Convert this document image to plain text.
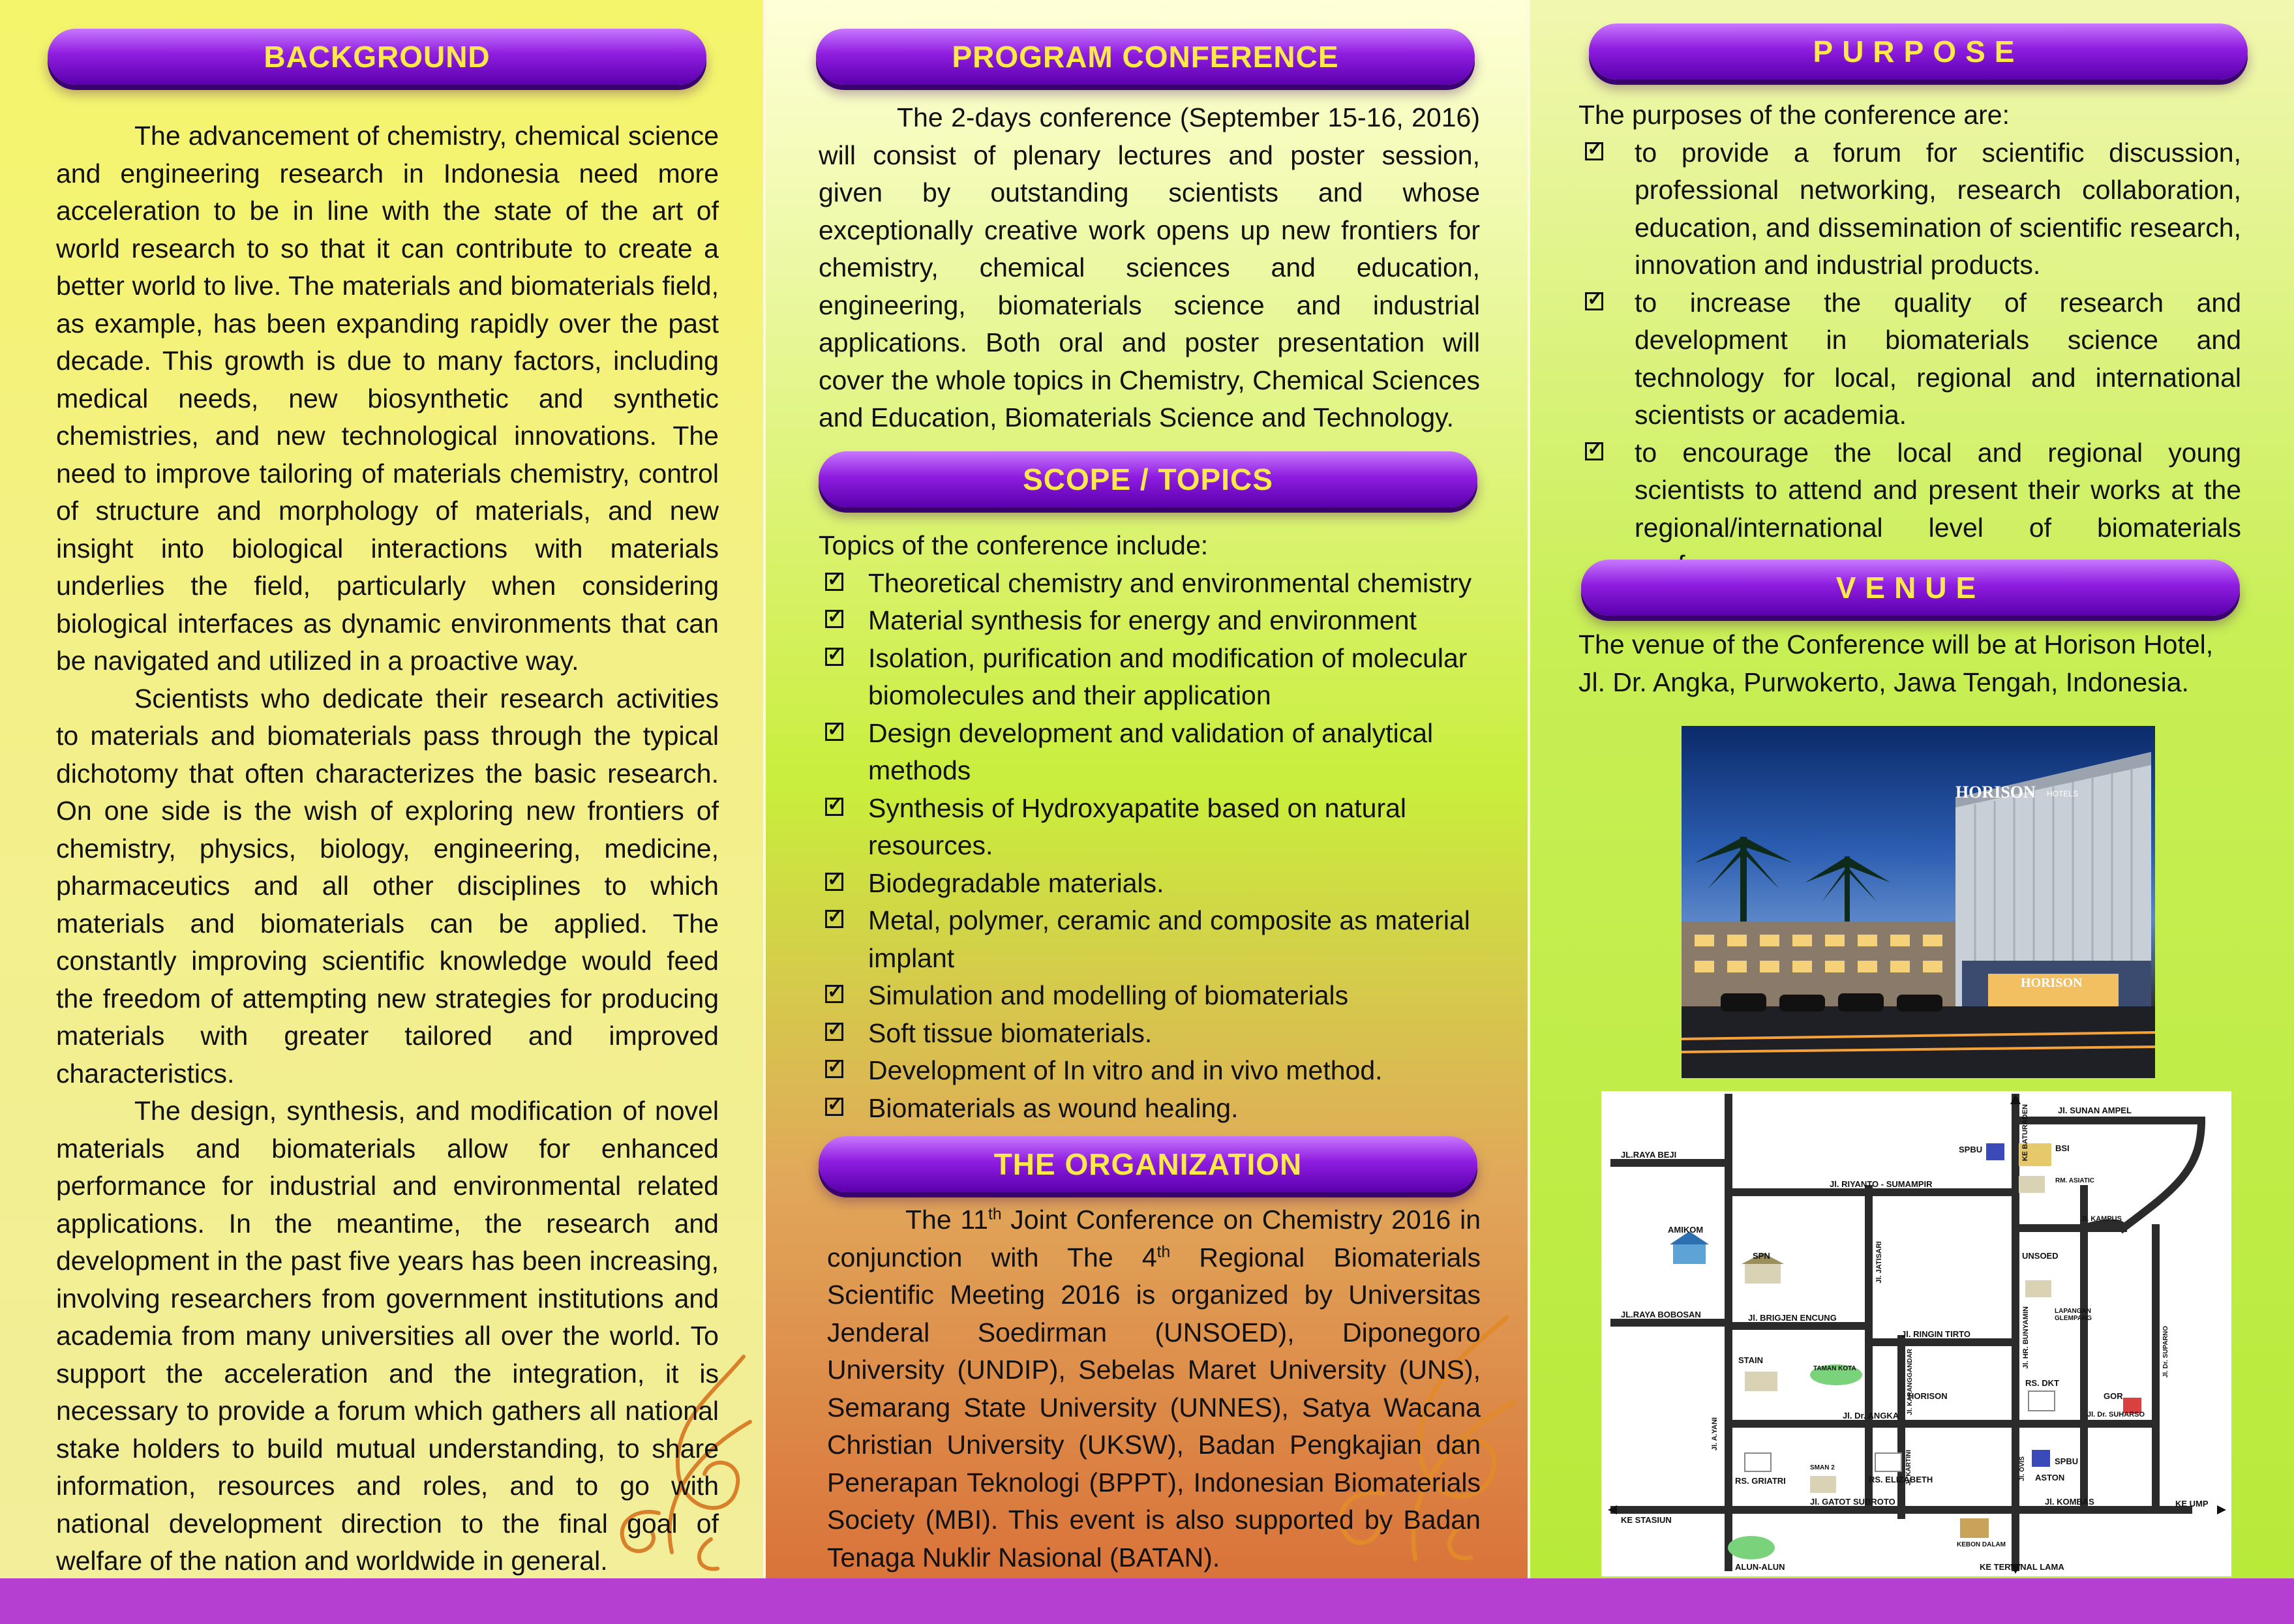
BACKGROUND

The advancement of chemistry, chemical science and engineering research in Indonesia need more acceleration to be in line with the state of the art of world research to so that it can contribute to create a better world to live. The materials and biomaterials field, as example, has been expanding rapidly over the past decade. This growth is due to many factors, including medical needs, new biosynthetic and synthetic chemistries, and new technological innovations. The need to improve tailoring of materials chemistry, control of structure and morphology of materials, and new insight into biological interactions with materials underlies the field, particularly when considering biological interfaces as dynamic environments that can be navigated and utilized in a proactive way.

Scientists who dedicate their research activities to materials and biomaterials pass through the typical dichotomy that often characterizes the basic research. On one side is the wish of exploring new frontiers of chemistry, physics, biology, engineering, medicine, pharmaceutics and all other disciplines to which materials and biomaterials can be applied. The constantly improving scientific knowledge would feed the freedom of attempting new strategies for producing materials with greater tailored and improved characteristics.

The design, synthesis, and modification of novel materials and biomaterials allow for enhanced performance for industrial and environmental related applications. In the meantime, the research and development in the past five years has been increasing, involving researchers from government institutions and academia from many universities all over the world. To support the acceleration and the integration, it is necessary to provide a forum which gathers all national stake holders to build mutual understanding, to share information, resources and roles, and to go with national development direction to the final goal of welfare of the nation and worldwide in general.

PROGRAM CONFERENCE

The 2-days conference (September 15-16, 2016) will consist of plenary lectures and poster session, given by outstanding scientists and whose exceptionally creative work opens up new frontiers for chemistry, chemical sciences and education, engineering, biomaterials science and industrial applications. Both oral and poster presentation will cover the whole topics in Chemistry, Chemical Sciences and Education, Biomaterials Science and Technology.

SCOPE / TOPICS

Topics of the conference include:

✓
Theoretical chemistry and environmental chemistry
✓
Material synthesis for energy and environment
✓
Isolation, purification and modification of molecular biomolecules and their application
✓
Design development and validation of analytical methods
✓
Synthesis of Hydroxyapatite based on natural resources.
✓
Biodegradable materials.
✓
Metal, polymer, ceramic and composite as material implant
✓
Simulation and modelling of biomaterials
✓
Soft tissue biomaterials.
✓
Development of In vitro and in vivo method.
✓
Biomaterials as wound healing.
THE ORGANIZATION

The 11th Joint Conference on Chemistry 2016 in conjunction with The 4th Regional Biomaterials Scientific Meeting 2016 is organized by Universitas Jenderal Soedirman (UNSOED), Diponegoro University (UNDIP), Sebelas Maret University (UNS), Semarang State University (UNNES), Satya Wacana Christian University (UKSW), Badan Pengkajian dan Penerapan Teknologi (BPPT), Indonesian Biomaterials Society (MBI). This event is also supported by Badan Tenaga Nuklir Nasional (BATAN).

PURPOSE

The purposes of the conference are:

✓
to provide a forum for scientific discussion, professional networking, research collaboration, education, and dissemination of scientific research, innovation and industrial products.
✓
to increase the quality of research and development in biomaterials science and technology for local, regional and international scientists or academia.
✓
to encourage the local and regional young scientists to attend and present their works at the regional/international level of biomaterials
VENUE
The venue of the Conference will be at Horison Hotel,
Jl. Dr. Angka, Purwokerto, Jawa Tengah, Indonesia.
HORISON HOTELS
HORISON
Jl. SUNAN AMPEL
KE BATURADEN
JL.RAYA BEJI
SPBU	BSI
RM. ASIATIC
Jl. RIYANTO - SUMAMPIR
Jl. KAMPUS
AMIKOM
SPN	UNSOED
Jl. JATISARI
JL.RAYA BOBOSAN	Jl. BRIGJEN ENCUNG	Jl. HR. BUNYAMIN	LAPANGAN GLEMPANG
Jl. RINGIN TIRTO
STAIN
TAMAN KOTA	Jl. KARANGGANDAR
HORISON
RS. DKT
GOR
Jl. A.YANI
Jl. Dr. ANGKA	Jl. Dr. SUHARSO
Jl. Dr. SUPARNO
RS. GRIATRI	RS. ELIZABETH	ASTON
SPBU
SMAN 2	Jl. KARTINI	Jl. OVIS
KE STASIUN
Jl. GATOT SUBROTO	Jl. KOMBAS	KE UMP
KEBON DALAM
ALUN-ALUN	KE TERMINAL LAMA
